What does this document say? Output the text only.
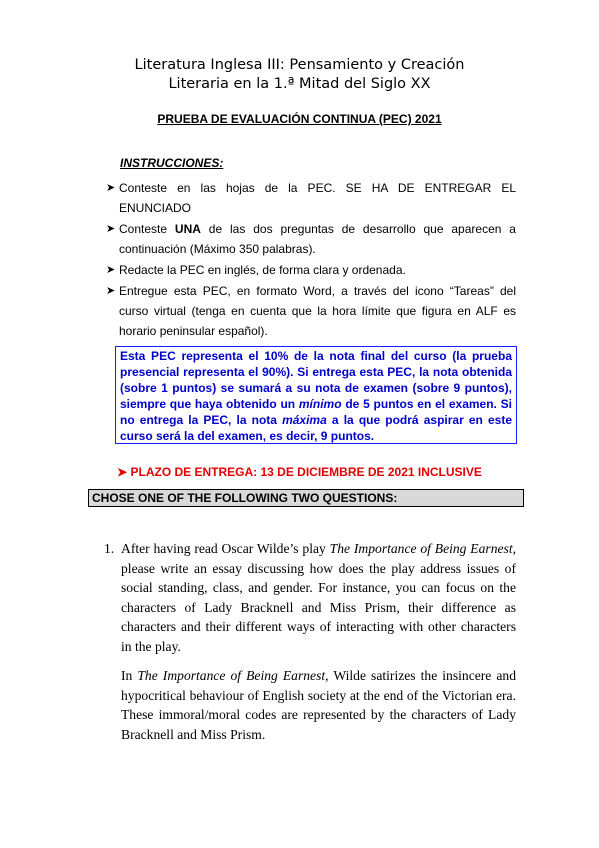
Literatura Inglesa III: Pensamiento y Creación
Literaria en la 1.ª Mitad del Siglo XX
PRUEBA DE EVALUACIÓN CONTINUA (PEC) 2021
INSTRUCCIONES:
➤ Conteste en las hojas de la PEC. SE HA DE ENTREGAR EL ENUNCIADO
➤ Conteste UNA de las dos preguntas de desarrollo que aparecen a continuación (Máximo 350 palabras).
➤ Redacte la PEC en inglés, de forma clara y ordenada.
➤ Entregue esta PEC, en formato Word, a través del icono “Tareas” del curso virtual (tenga en cuenta que la hora límite que figura en ALF es horario peninsular español).
Esta PEC representa el 10% de la nota final del curso (la prueba presencial representa el 90%). Si entrega esta PEC, la nota obtenida (sobre 1 puntos) se sumará a su nota de examen (sobre 9 puntos), siempre que haya obtenido un mínimo de 5 puntos en el examen. Si no entrega la PEC, la nota máxima a la que podrá aspirar en este curso será la del examen, es decir, 9 puntos.
➤ PLAZO DE ENTREGA: 13 DE DICIEMBRE DE 2021 INCLUSIVE
CHOSE ONE OF THE FOLLOWING TWO QUESTIONS:
1. After having read Oscar Wilde’s play The Importance of Being Earnest, please write an essay discussing how does the play address issues of social standing, class, and gender. For instance, you can focus on the characters of Lady Bracknell and Miss Prism, their difference as characters and their different ways of interacting with other characters in the play.

In The Importance of Being Earnest, Wilde satirizes the insincere and hypocritical behaviour of English society at the end of the Victorian era. These immoral/moral codes are represented by the characters of Lady Bracknell and Miss Prism.
